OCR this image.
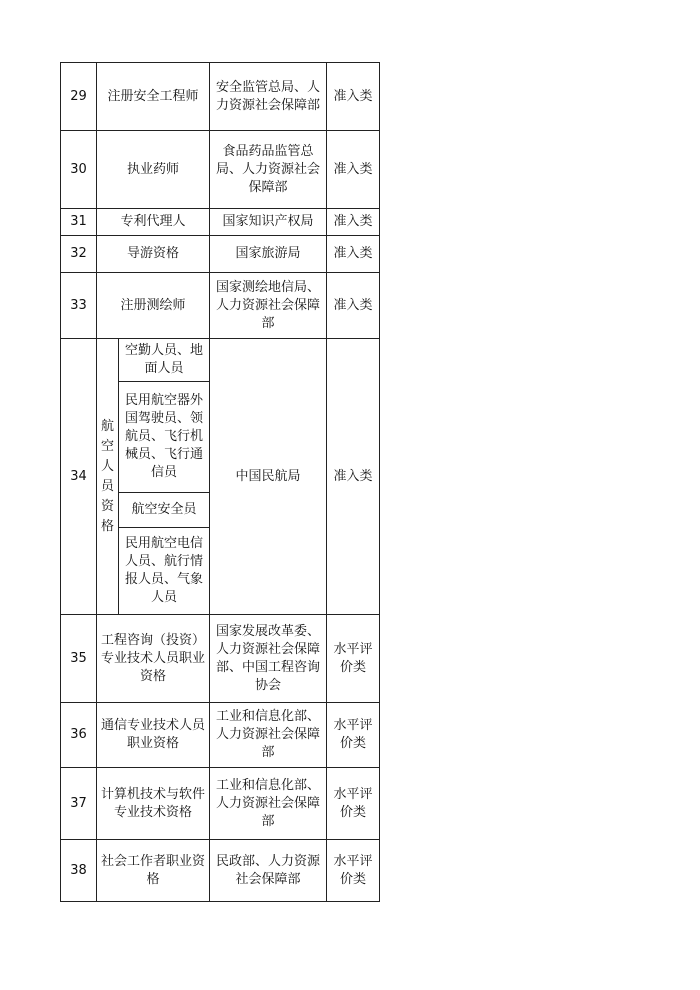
29	注册安全工程师		安全监管总局、人力资源社会保障部	准入类
30	执业药师		食品药品监管总局、人力资源社会保障部	准入类
31	专利代理人		国家知识产权局	准入类
32	导游资格		国家旅游局	准入类
33	注册测绘师		国家测绘地信局、人力资源社会保障部	准入类
34	航空人员资格	空勤人员、地面人员	中国民航局	准入类
		民用航空器外国驾驶员、领航员、飞行机械员、飞行通信员		
		航空安全员		
		民用航空电信人员、航行情报人员、气象人员		
35	工程咨询（投资）专业技术人员职业资格		国家发展改革委、人力资源社会保障部、中国工程咨询协会	水平评价类
36	通信专业技术人员职业资格		工业和信息化部、人力资源社会保障部	水平评价类
37	计算机技术与软件专业技术资格		工业和信息化部、人力资源社会保障部	水平评价类
38	社会工作者职业资格		民政部、人力资源社会保障部	水平评价类
